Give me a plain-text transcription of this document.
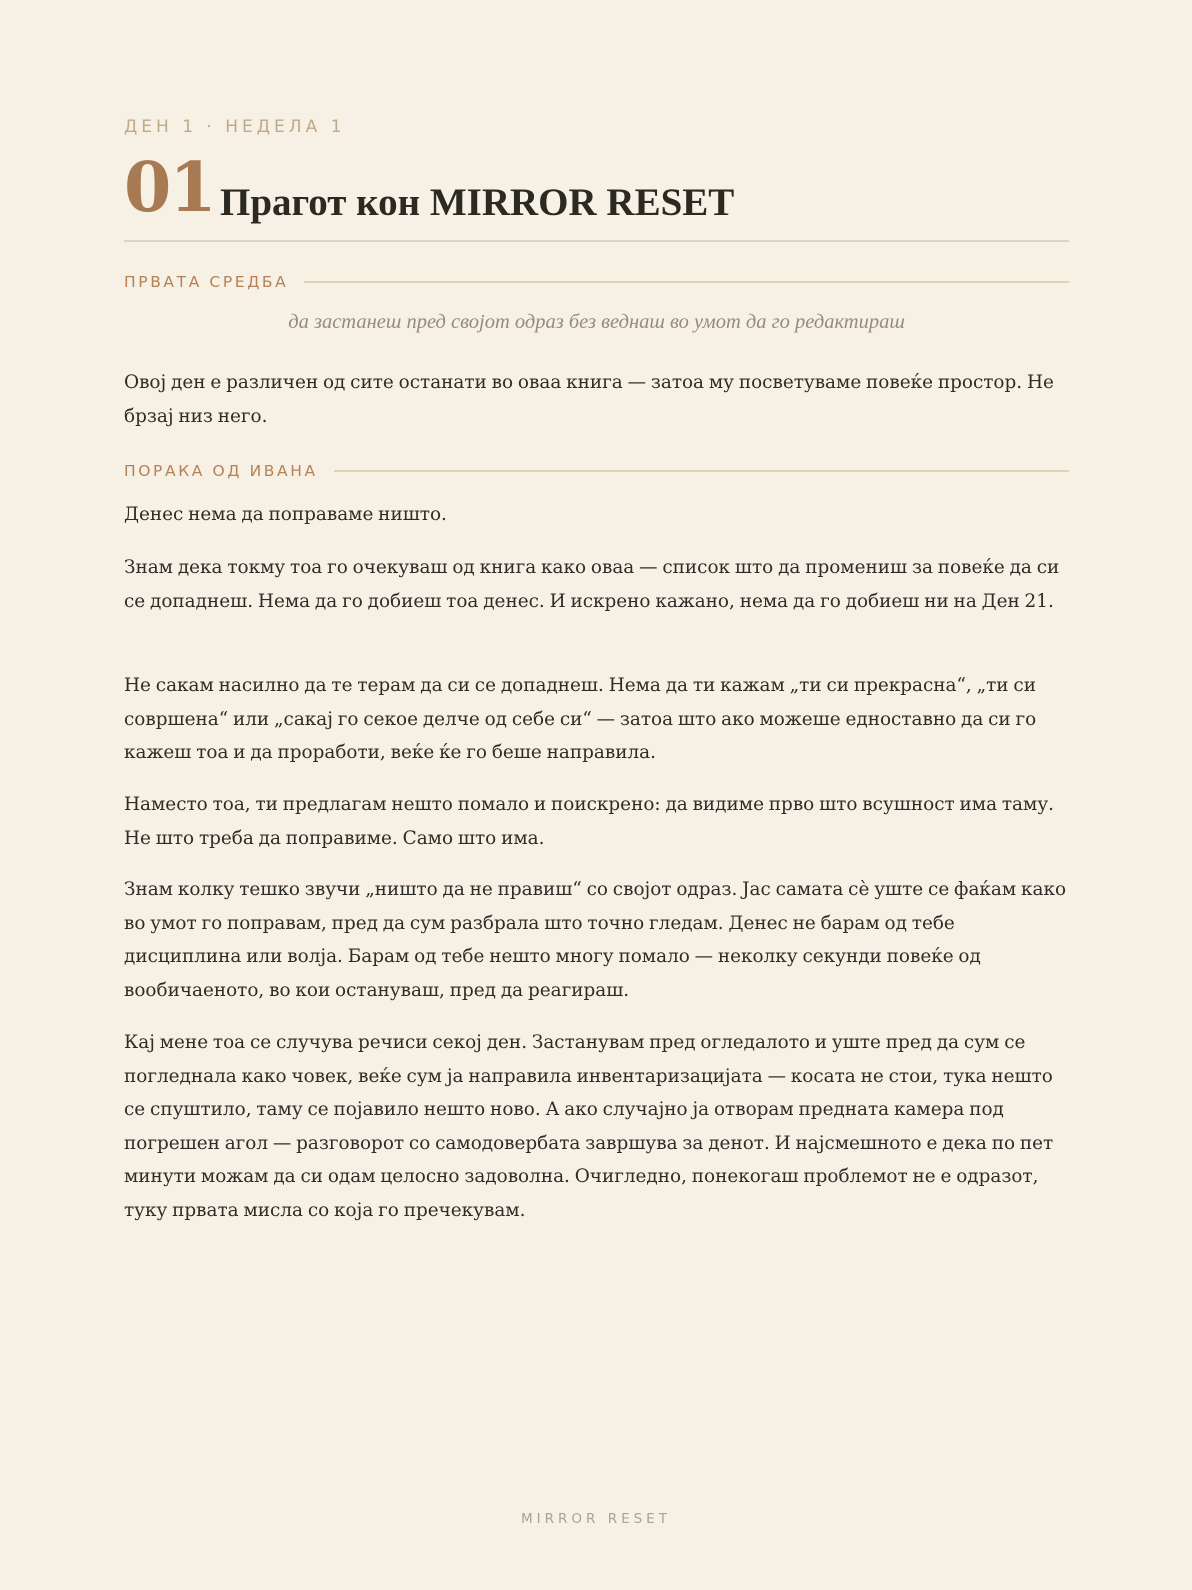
ДЕН 1 · НЕДЕЛА 1
01 Прагот кон MIRROR RESET
ПРВАТА СРЕДБА
да застанеш пред својот одраз без веднаш во умот да го редактираш

Овој ден е различен од сите останати во оваа книга — затоа му посветуваме повеќе простор. Не брзај низ него.

ПОРАКА ОД ИВАНА

Денес нема да поправаме ништо.

Знам дека токму тоа го очекуваш од книга како оваа — список што да промениш за повеќе да си се допаднеш. Нема да го добиеш тоа денес. И искрено кажано, нема да го добиеш ни на Ден 21.

Не сакам насилно да те терам да си се допаднеш. Нема да ти кажам „ти си прекрасна“, „ти си совршена“ или „сакај го секое делче од себе си“ — затоа што ако можеше едноставно да си го кажеш тоа и да проработи, веќе ќе го беше направила.

Наместо тоа, ти предлагам нешто помало и поискрено: да видиме прво што всушност има таму. Не што треба да поправиме. Само што има.

Знам колку тешко звучи „ништо да не правиш“ со својот одраз. Јас самата сè уште се фаќам како во умот го поправам, пред да сум разбрала што точно гледам. Денес не барам од тебе дисциплина или волја. Барам од тебе нешто многу помало — неколку секунди повеќе од вообичаеното, во кои остануваш, пред да реагираш.

Кај мене тоа се случува речиси секој ден. Застанувам пред огледалото и уште пред да сум се погледнала како човек, веќе сум ја направила инвентаризацијата — косата не стои, тука нешто се спуштило, таму се појавило нешто ново. А ако случајно ја отворам предната камера под погрешен агол — разговорот со самодовербата завршува за денот. И најсмешното е дека по пет минути можам да си одам целосно задоволна. Очигледно, понекогаш проблемот не е одразот, туку првата мисла со која го пречекувам.

MIRROR RESET
